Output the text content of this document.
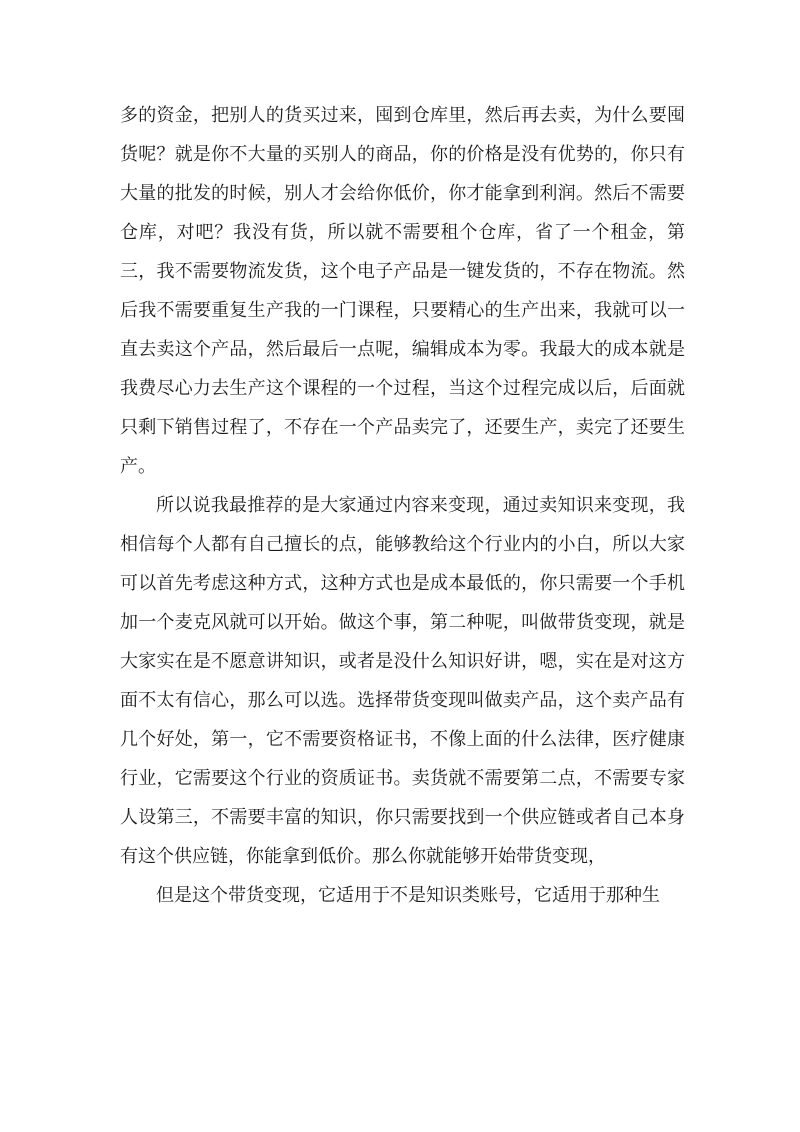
多的资金，把别人的货买过来，囤到仓库里，然后再去卖，为什么要囤货呢？就是你不大量的买别人的商品，你的价格是没有优势的，你只有大量的批发的时候，别人才会给你低价，你才能拿到利润。然后不需要仓库，对吧？我没有货，所以就不需要租个仓库，省了一个租金，第三，我不需要物流发货，这个电子产品是一键发货的，不存在物流。然后我不需要重复生产我的一门课程，只要精心的生产出来，我就可以一直去卖这个产品，然后最后一点呢，编辑成本为零。我最大的成本就是我费尽心力去生产这个课程的一个过程，当这个过程完成以后，后面就只剩下销售过程了，不存在一个产品卖完了，还要生产，卖完了还要生产。

所以说我最推荐的是大家通过内容来变现，通过卖知识来变现，我相信每个人都有自己擅长的点，能够教给这个行业内的小白，所以大家可以首先考虑这种方式，这种方式也是成本最低的，你只需要一个手机加一个麦克风就可以开始。做这个事，第二种呢，叫做带货变现，就是大家实在是不愿意讲知识，或者是没什么知识好讲，嗯，实在是对这方面不太有信心，那么可以选。选择带货变现叫做卖产品，这个卖产品有几个好处，第一，它不需要资格证书，不像上面的什么法律，医疗健康行业，它需要这个行业的资质证书。卖货就不需要第二点，不需要专家人设第三，不需要丰富的知识，你只需要找到一个供应链或者自己本身有这个供应链，你能拿到低价。那么你就能够开始带货变现，

但是这个带货变现，它适用于不是知识类账号，它适用于那种生
